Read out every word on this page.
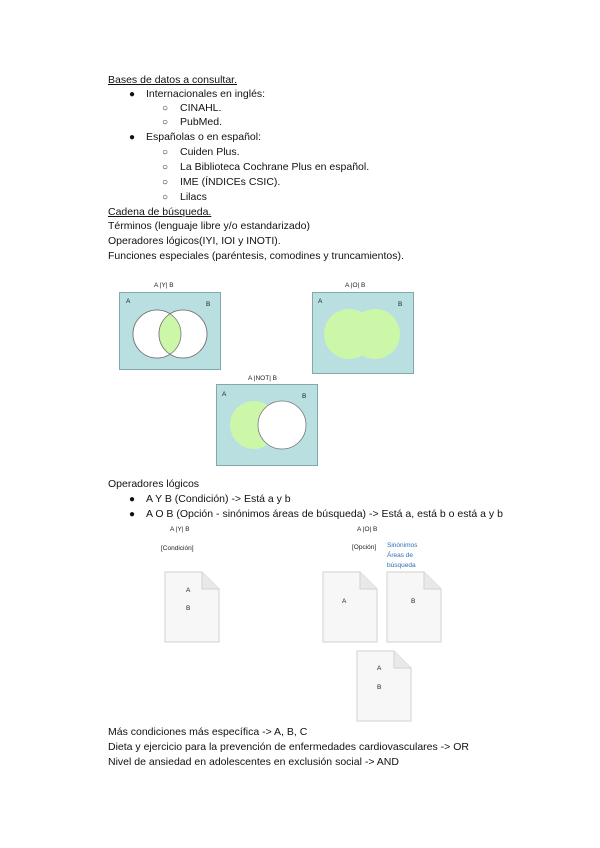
Bases de datos a consultar.
● Internacionales en inglés:
○ CINAHL.
○ PubMed.
● Españolas o en español:
○ Cuiden Plus.
○ La Biblioteca Cochrane Plus en español.
○ IME (ÍNDICEs CSIC).
○ Lilacs
Cadena de búsqueda.
Términos (lenguaje libre y/o estandarizado)
Operadores lógicos(IYI, IOI y INOTI).
Funciones especiales (paréntesis, comodines y truncamientos).
A |Y| B
A	B
A |O| B
A	B
A |NOT| B
A	B
Operadores lógicos
● A Y B (Condición) -> Está a y b
● A O B (Opción - sinónimos áreas de búsqueda) -> Está a, está b o está a y b
A |Y| B
[Condición]
A
B
A |O| B
[Opción] Sinónimos
Áreas de
búsqueda
A	B
A
B
Más condiciones más específica -> A, B, C
Dieta y ejercicio para la prevención de enfermedades cardiovasculares -> OR
Nivel de ansiedad en adolescentes en exclusión social -> AND
